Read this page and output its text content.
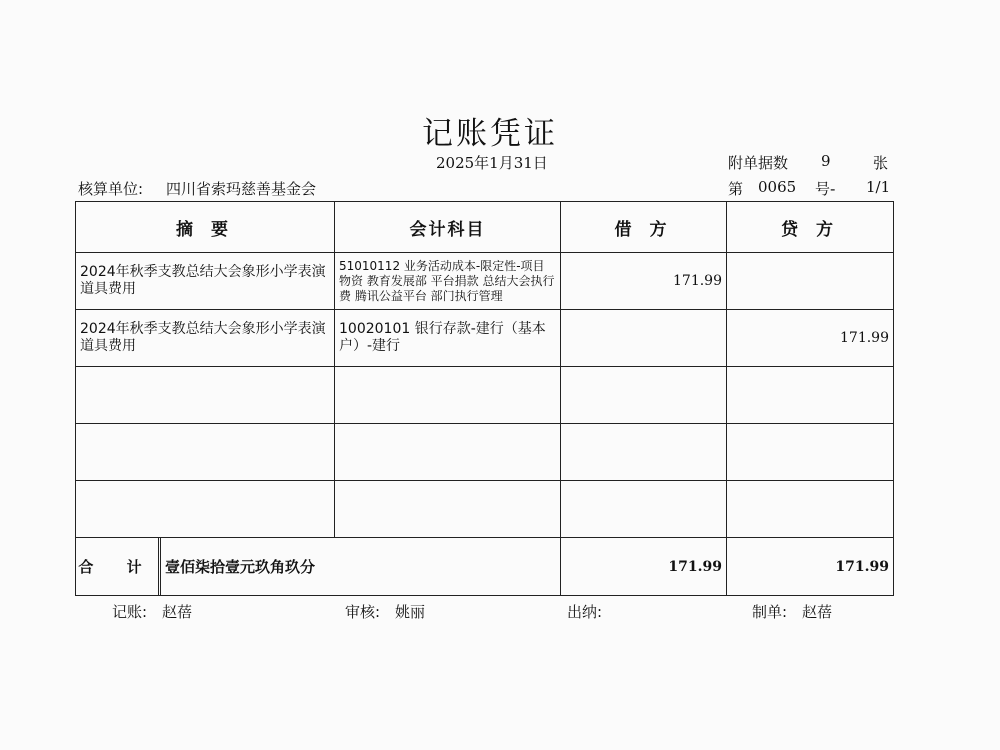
记账凭证
2025年1月31日	附单据数 9	张
核算单位: 四川省索玛慈善基金会	第 0065 号- 1/1
摘 要	会计科目	借 方	贷 方
2024年秋季支教总结大会象形小学表演道具费用	51010112 业务活动成本-限定性-项目物资 教育发展部 平台捐款 总结大会执行费 腾讯公益平台 部门执行管理	171.99	
2024年秋季支教总结大会象形小学表演道具费用	10020101 银行存款-建行（基本户）-建行		171.99

合 计 壹佰柒拾壹元玖角玖分		171.99	171.99
记账: 赵蓓	审核: 姚丽	出纳:	制单: 赵蓓
